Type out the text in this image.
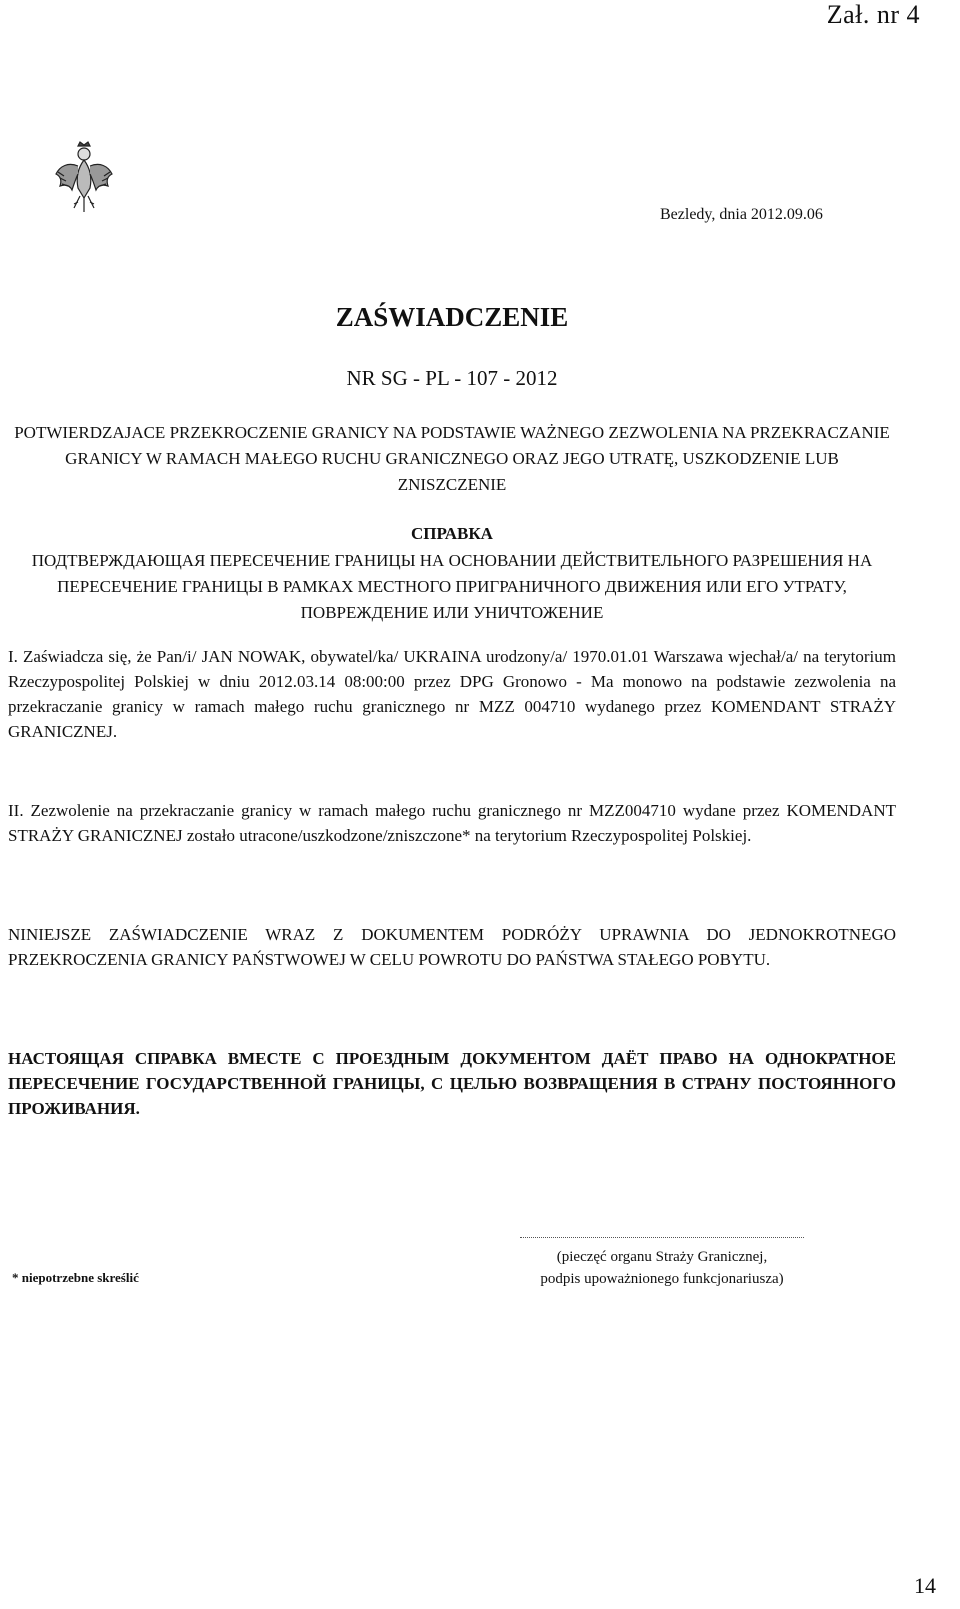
Zał. nr 4
Bezledy, dnia 2012.09.06
ZAŚWIADCZENIE
NR SG - PL - 107 - 2012
POTWIERDZAJACE PRZEKROCZENIE GRANICY NA PODSTAWIE WAŻNEGO ZEZWOLENIA NA PRZEKRACZANIE GRANICY W RAMACH MAŁEGO RUCHU GRANICZNEGO ORAZ JEGO UTRATĘ, USZKODZENIE LUB ZNISZCZENIE
СПРАВКА
ПОДТВЕРЖДАЮЩАЯ ПЕРЕСЕЧЕНИЕ ГРАНИЦЫ НА ОСНОВАНИИ ДЕЙСТВИТЕЛЬНОГО РАЗРЕШЕНИЯ НА ПЕРЕСЕЧЕНИЕ ГРАНИЦЫ В РАМКАХ МЕСТНОГО ПРИГРАНИЧНОГО ДВИЖЕНИЯ ИЛИ ЕГО УТРАТУ, ПОВРЕЖДЕНИЕ ИЛИ УНИЧТОЖЕНИЕ
I. Zaświadcza się, że Pan/i/ JAN NOWAK, obywatel/ka/ UKRAINA urodzony/a/ 1970.01.01 Warszawa wjechał/a/ na terytorium Rzeczypospolitej Polskiej w dniu 2012.03.14 08:00:00 przez DPG Gronowo - Ma monowo na podstawie zezwolenia na przekraczanie granicy w ramach małego ruchu granicznego nr MZZ 004710 wydanego przez KOMENDANT STRAŻY GRANICZNEJ.
II. Zezwolenie na przekraczanie granicy w ramach małego ruchu granicznego nr MZZ004710 wydane przez KOMENDANT STRAŻY GRANICZNEJ zostało utracone/uszkodzone/zniszczone* na terytorium Rzeczypospolitej Polskiej.
NINIEJSZE ZAŚWIADCZENIE WRAZ Z DOKUMENTEM PODRÓŻY UPRAWNIA DO JEDNOKROTNEGO PRZEKROCZENIA GRANICY PAŃSTWOWEJ W CELU POWROTU DO PAŃSTWA STAŁEGO POBYTU.
НАСТОЯЩАЯ СПРАВКА ВМЕСТЕ С ПРОЕЗДНЫМ ДОКУМЕНТОМ ДАЁТ ПРАВО НА ОДНОКРАТНОЕ ПЕРЕСЕЧЕНИЕ ГОСУДАРСТВЕННОЙ ГРАНИЦЫ, С ЦЕЛЬЮ ВОЗВРАЩЕНИЯ В СТРАНУ ПОСТОЯННОГО ПРОЖИВАНИЯ.
(pieczęć organu Straży Granicznej,
podpis upoważnionego funkcjonariusza)
* niepotrzebne skreślić
14
